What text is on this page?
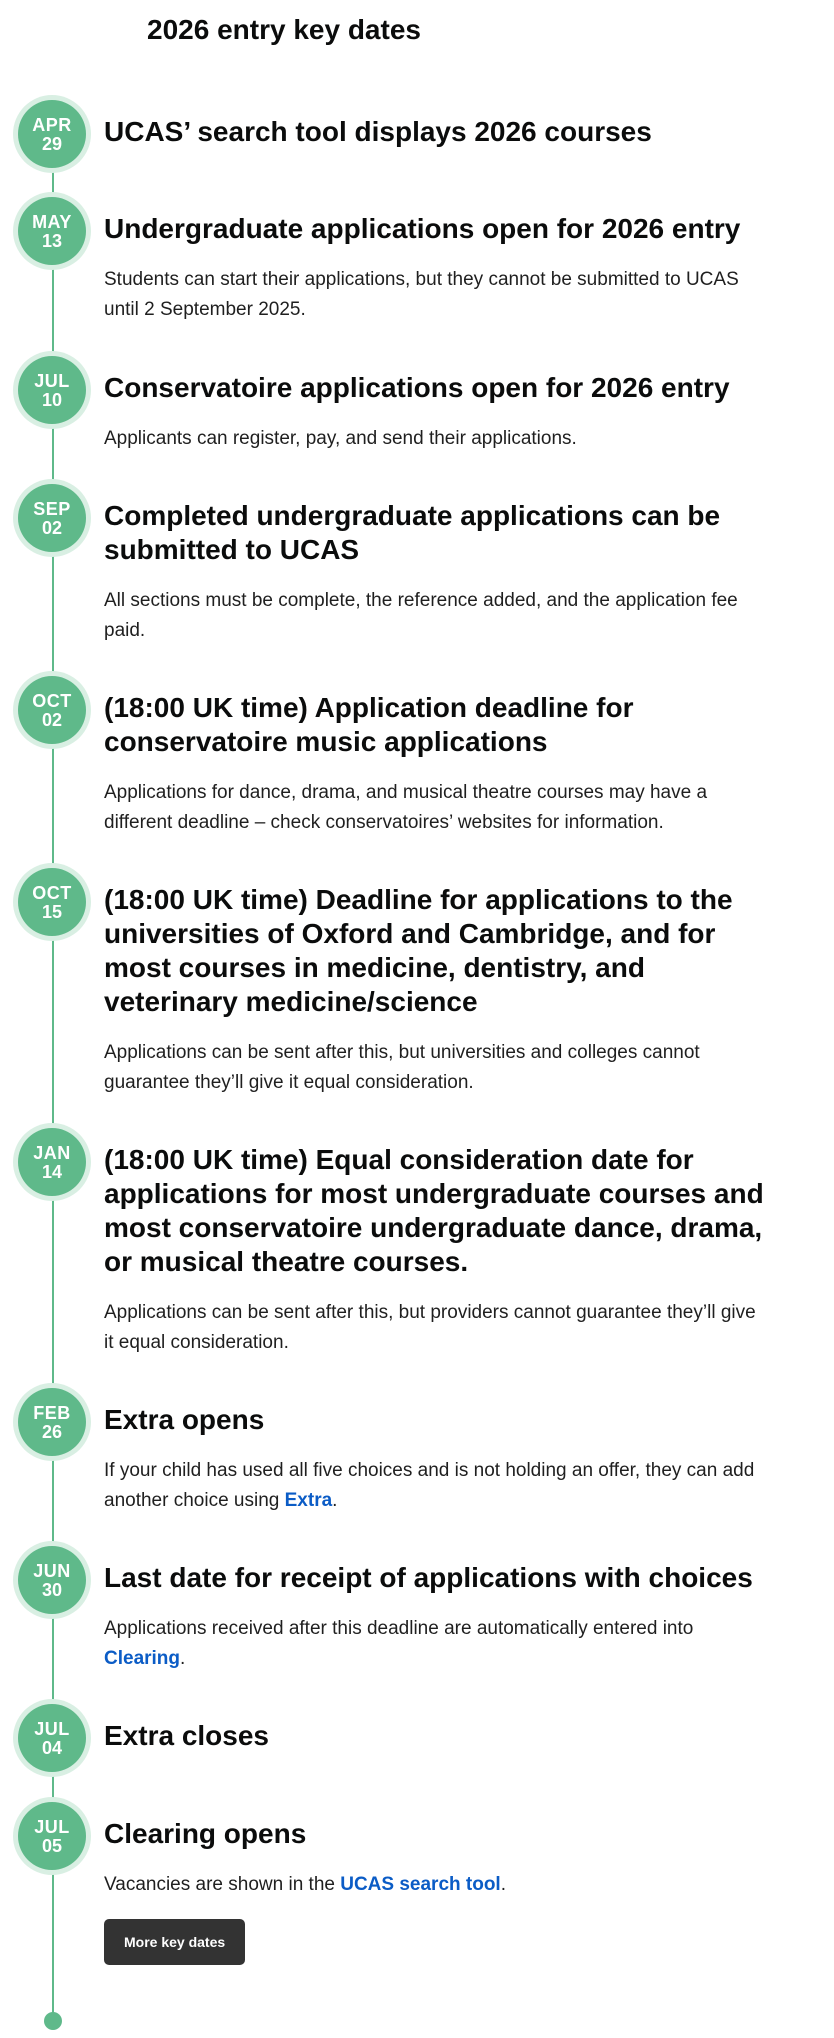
2026 entry key dates
APR
29 UCAS’ search tool displays 2026 courses
MAY
13 Undergraduate applications open for 2026 entry

Students can start their applications, but they cannot be submitted to UCAS until 2 September 2025.

JUL
10 Conservatoire applications open for 2026 entry

Applicants can register, pay, and send their applications.

SEP
02 Completed undergraduate applications can be submitted to UCAS

All sections must be complete, the reference added, and the application fee paid.

OCT
02 (18:00 UK time) Application deadline for conservatoire music applications

Applications for dance, drama, and musical theatre courses may have a different deadline – check conservatoires’ websites for information.

OCT
15 (18:00 UK time) Deadline for applications to the universities of Oxford and Cambridge, and for most courses in medicine, dentistry, and veterinary medicine/science

Applications can be sent after this, but universities and colleges cannot guarantee they’ll give it equal consideration.

JAN
14 (18:00 UK time) Equal consideration date for applications for most undergraduate courses and most conservatoire undergraduate dance, drama, or musical theatre courses.

Applications can be sent after this, but providers cannot guarantee they’ll give it equal consideration.

FEB
26 Extra opens

If your child has used all five choices and is not holding an offer, they can add another choice using Extra.

JUN
30 Last date for receipt of applications with choices

Applications received after this deadline are automatically entered into Clearing.

JUL
04 Extra closes
JUL
05 Clearing opens

Vacancies are shown in the UCAS search tool.

More key dates
